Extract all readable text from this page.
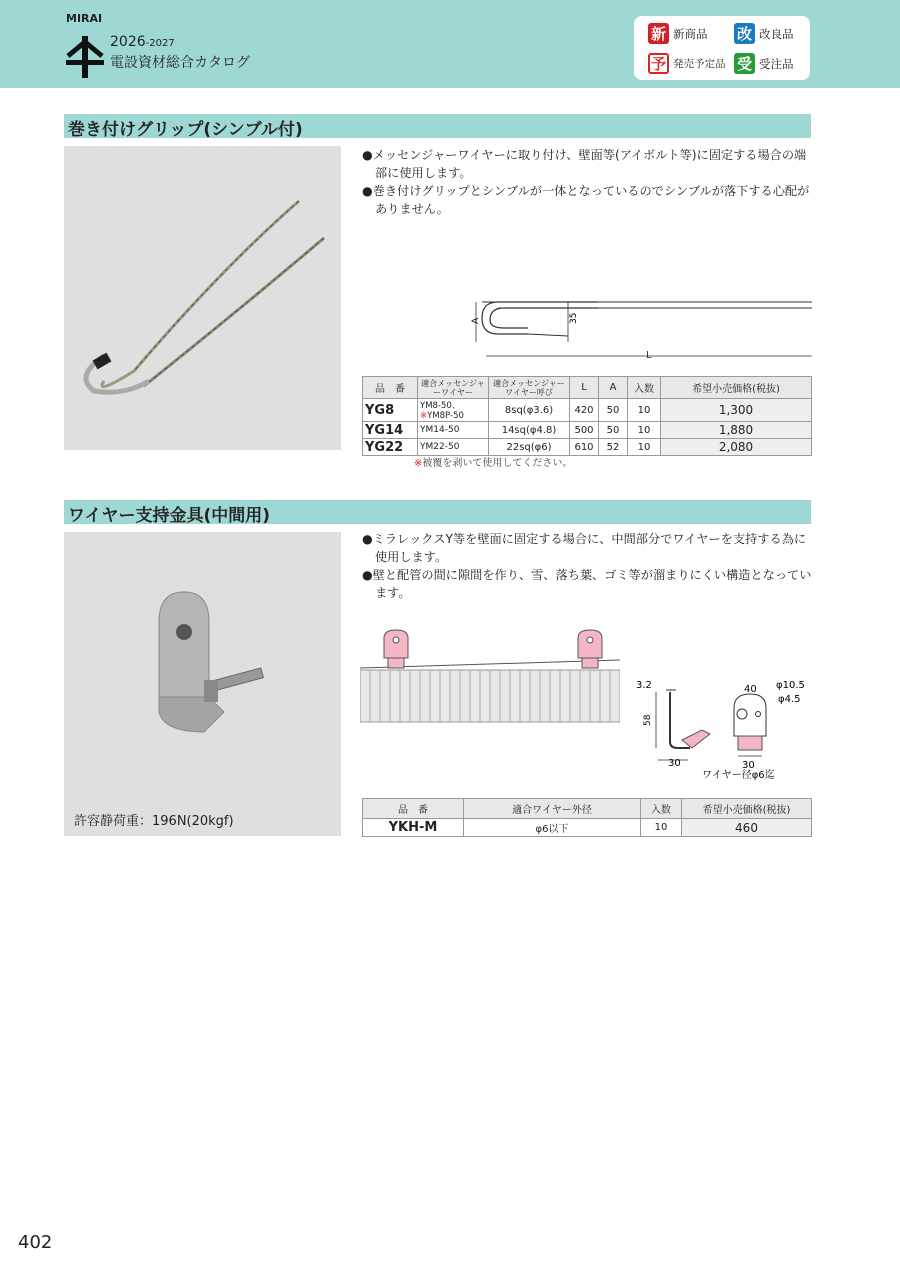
MIRAI
2026-2027
電設資材総合カタログ
新 新商品 改 改良品
予 発売予定品 受 受注品
巻き付けグリップ(シンブル付)

●メッセンジャーワイヤーに取り付け、壁面等(アイボルト等)に固定する場合の端部に使用します。

●巻き付けグリップとシンブルが一体となっているのでシンブルが落下する心配がありません。

A	35
L
品　番	適合メッセンジャーワイヤー	適合メッセンジャーワイヤー呼び	L	A	入数	希望小売価格(税抜)
YG8	YM8-50、※YM8P-50	8sq(φ3.6)	420	50	10	1,300
YG14	YM14-50	14sq(φ4.8)	500	50	10	1,880
YG22	YM22-50	22sq(φ6)	610	52	10	2,080
※被覆を剥いて使用してください。
ワイヤー支持金具(中間用)
許容静荷重：196N(20kgf)

●ミラレックスY等を壁面に固定する場合に、中間部分でワイヤーを支持する為に使用します。

●壁と配管の間に隙間を作り、雪、落ち葉、ゴミ等が溜まりにくい構造となっています。

3.2
58
30
ワイヤー径φ6迄
40 φ10.5
φ4.5
30
品　番	適合ワイヤー外径	入数	希望小売価格(税抜)
YKH-M	φ6以下	10	460
402
